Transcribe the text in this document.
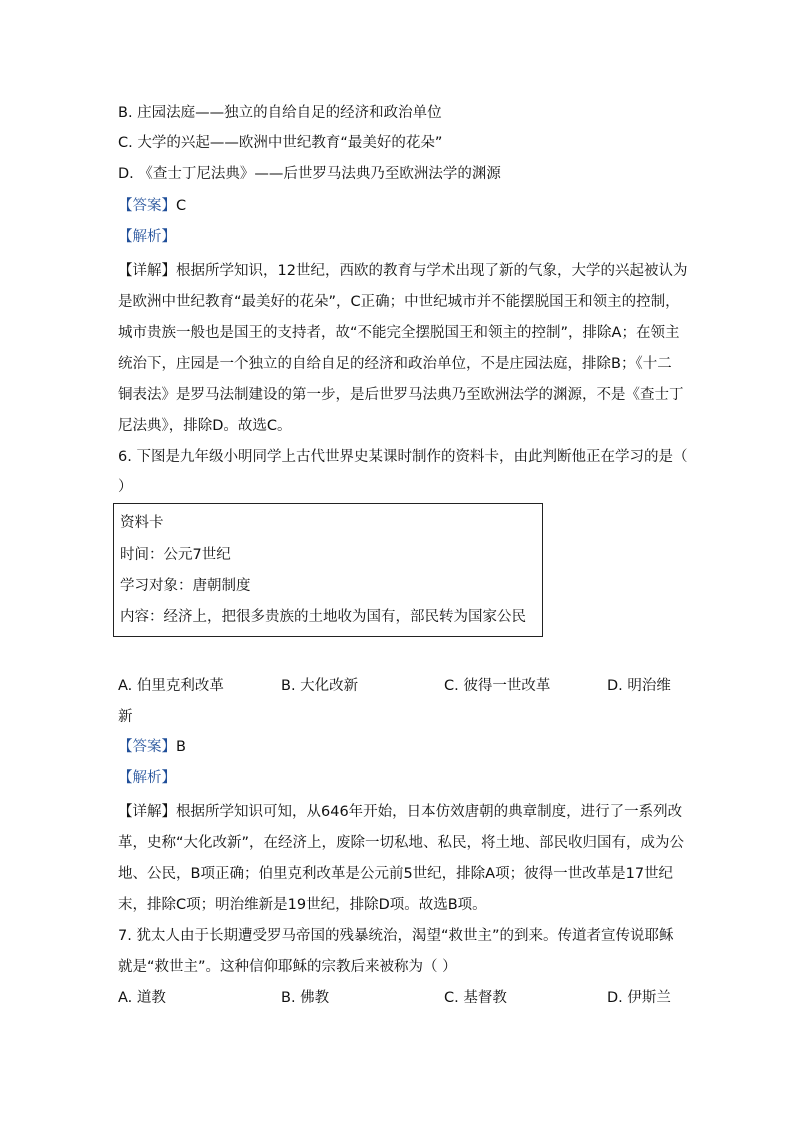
B. 庄园法庭——独立的自给自足的经济和政治单位
C. 大学的兴起——欧洲中世纪教育“最美好的花朵”
D. 《查士丁尼法典》——后世罗马法典乃至欧洲法学的渊源
【答案】C
【解析】
【详解】根据所学知识，12世纪，西欧的教育与学术出现了新的气象，大学的兴起被认为
是欧洲中世纪教育“最美好的花朵”，C正确；中世纪城市并不能摆脱国王和领主的控制，
城市贵族一般也是国王的支持者，故“不能完全摆脱国王和领主的控制”，排除A；在领主
统治下，庄园是一个独立的自给自足的经济和政治单位，不是庄园法庭，排除B；《十二
铜表法》是罗马法制建设的第一步，是后世罗马法典乃至欧洲法学的渊源，不是《查士丁
尼法典》，排除D。故选C。
6. 下图是九年级小明同学上古代世界史某课时制作的资料卡，由此判断他正在学习的是（
）
资料卡
时间：公元7世纪
学习对象：唐朝制度
内容：经济上，把很多贵族的土地收为国有，部民转为国家公民
A. 伯里克利改革	B. 大化改新	C. 彼得一世改革	D. 明治维
新
【答案】B
【解析】
【详解】根据所学知识可知，从646年开始，日本仿效唐朝的典章制度，进行了一系列改
革，史称“大化改新”，在经济上，废除一切私地、私民，将土地、部民收归国有，成为公
地、公民，B项正确；伯里克利改革是公元前5世纪，排除A项；彼得一世改革是17世纪
末，排除C项；明治维新是19世纪，排除D项。故选B项。
7. 犹太人由于长期遭受罗马帝国的残暴统治，渴望“救世主”的到来。传道者宣传说耶稣
就是“救世主”。这种信仰耶稣的宗教后来被称为（ ）
A. 道教	B. 佛教	C. 基督教	D. 伊斯兰
